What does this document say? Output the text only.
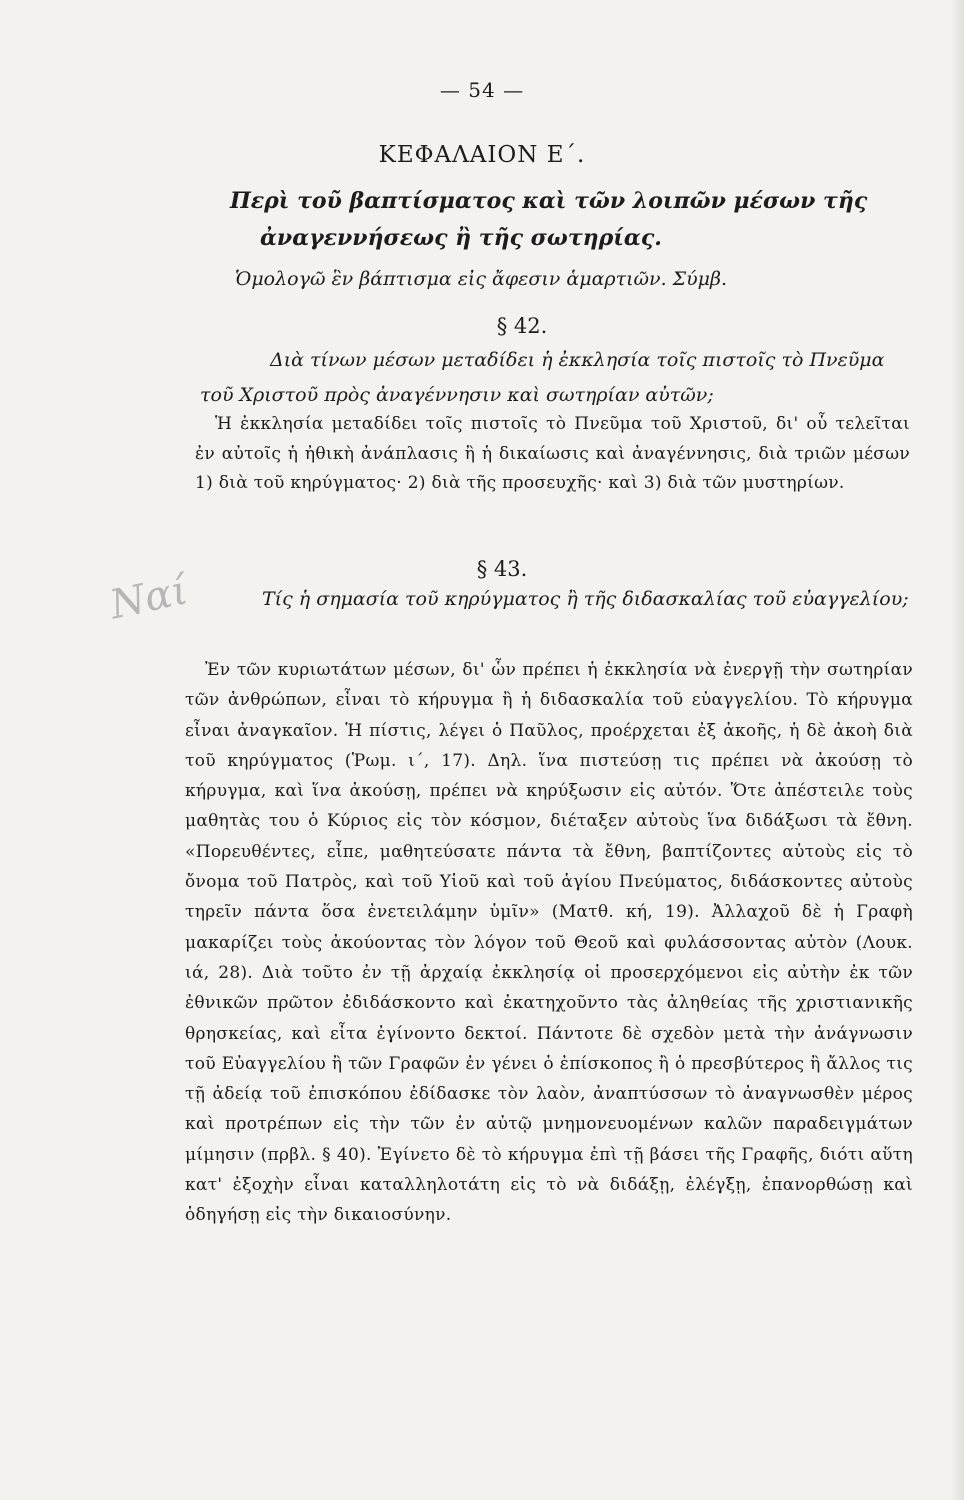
— 54 —
ΚΕΦΑΛΑΙΟΝ Ε΄.
Περὶ τοῦ βαπτίσματος καὶ τῶν λοιπῶν μέσων τῆς
ἀναγεννήσεως ἢ τῆς σωτηρίας.
Ὁμολογῶ ἓν βάπτισμα εἰς ἄφεσιν ἁμαρτιῶν. Σύμβ.
§ 42.
Διὰ τίνων μέσων μεταδίδει ἡ ἐκκλησία τοῖς πιστοῖς τὸ Πνεῦμα τοῦ Χριστοῦ πρὸς ἀναγέννησιν καὶ σωτηρίαν αὐτῶν;
Ἡ ἐκκλησία μεταδίδει τοῖς πιστοῖς τὸ Πνεῦμα τοῦ Χριστοῦ, δι' οὗ τελεῖται ἐν αὐτοῖς ἡ ἠθικὴ ἀνάπλασις ἢ ἡ δικαίωσις καὶ ἀναγέννησις, διὰ τριῶν μέσων 1) διὰ τοῦ κηρύγματος· 2) διὰ τῆς προσευχῆς· καὶ 3) διὰ τῶν μυστηρίων.
Ναί	§ 43.
Τίς ἡ σημασία τοῦ κηρύγματος ἢ τῆς διδασκαλίας τοῦ εὐαγγελίου;
Ἐν τῶν κυριωτάτων μέσων, δι' ὧν πρέπει ἡ ἐκκλησία νὰ ἐνεργῇ τὴν σωτηρίαν τῶν ἀνθρώπων, εἶναι τὸ κήρυγμα ἢ ἡ διδασκαλία τοῦ εὐαγγελίου. Τὸ κήρυγμα εἶναι ἀναγκαῖον. Ἡ πίστις, λέγει ὁ Παῦλος, προέρχεται ἐξ ἀκοῆς, ἡ δὲ ἀκοὴ διὰ τοῦ κηρύγματος (Ῥωμ. ι΄, 17). Δηλ. ἵνα πιστεύσῃ τις πρέπει νὰ ἀκούσῃ τὸ κήρυγμα, καὶ ἵνα ἀκούσῃ, πρέπει νὰ κηρύξωσιν εἰς αὐτόν. Ὅτε ἀπέστειλε τοὺς μαθητὰς του ὁ Κύριος εἰς τὸν κόσμον, διέταξεν αὐτοὺς ἵνα διδάξωσι τὰ ἔθνη. «Πορευθέντες, εἶπε, μαθητεύσατε πάντα τὰ ἔθνη, βαπτίζοντες αὐτοὺς εἰς τὸ ὄνομα τοῦ Πατρὸς, καὶ τοῦ Υἱοῦ καὶ τοῦ ἁγίου Πνεύματος, διδάσκοντες αὐτοὺς τηρεῖν πάντα ὅσα ἐνετειλάμην ὑμῖν» (Ματθ. κή, 19). Ἀλλαχοῦ δὲ ἡ Γραφὴ μακαρίζει τοὺς ἀκούοντας τὸν λόγον τοῦ Θεοῦ καὶ φυλάσσοντας αὐτὸν (Λουκ. ιά, 28). Διὰ τοῦτο ἐν τῇ ἀρχαίᾳ ἐκκλησίᾳ οἱ προσερχόμενοι εἰς αὐτὴν ἐκ τῶν ἐθνικῶν πρῶτον ἐδιδάσκοντο καὶ ἐκατηχοῦντο τὰς ἀληθείας τῆς χριστιανικῆς θρησκείας, καὶ εἶτα ἐγίνοντο δεκτοί. Πάντοτε δὲ σχεδὸν μετὰ τὴν ἀνάγνωσιν τοῦ Εὐαγγελίου ἢ τῶν Γραφῶν ἐν γένει ὁ ἐπίσκοπος ἢ ὁ πρεσβύτερος ἢ ἄλλος τις τῇ ἀδείᾳ τοῦ ἐπισκόπου ἐδίδασκε τὸν λαὸν, ἀναπτύσσων τὸ ἀναγνωσθὲν μέρος καὶ προτρέπων εἰς τὴν τῶν ἐν αὐτῷ μνημονευομένων καλῶν παραδειγμάτων μίμησιν (πρβλ. § 40). Ἐγίνετο δὲ τὸ κήρυγμα ἐπὶ τῇ βάσει τῆς Γραφῆς, διότι αὕτη κατ' ἐξοχὴν εἶναι καταλληλοτάτη εἰς τὸ νὰ διδάξῃ, ἐλέγξῃ, ἐπανορθώσῃ καὶ ὁδηγήσῃ εἰς τὴν δικαιοσύνην.
